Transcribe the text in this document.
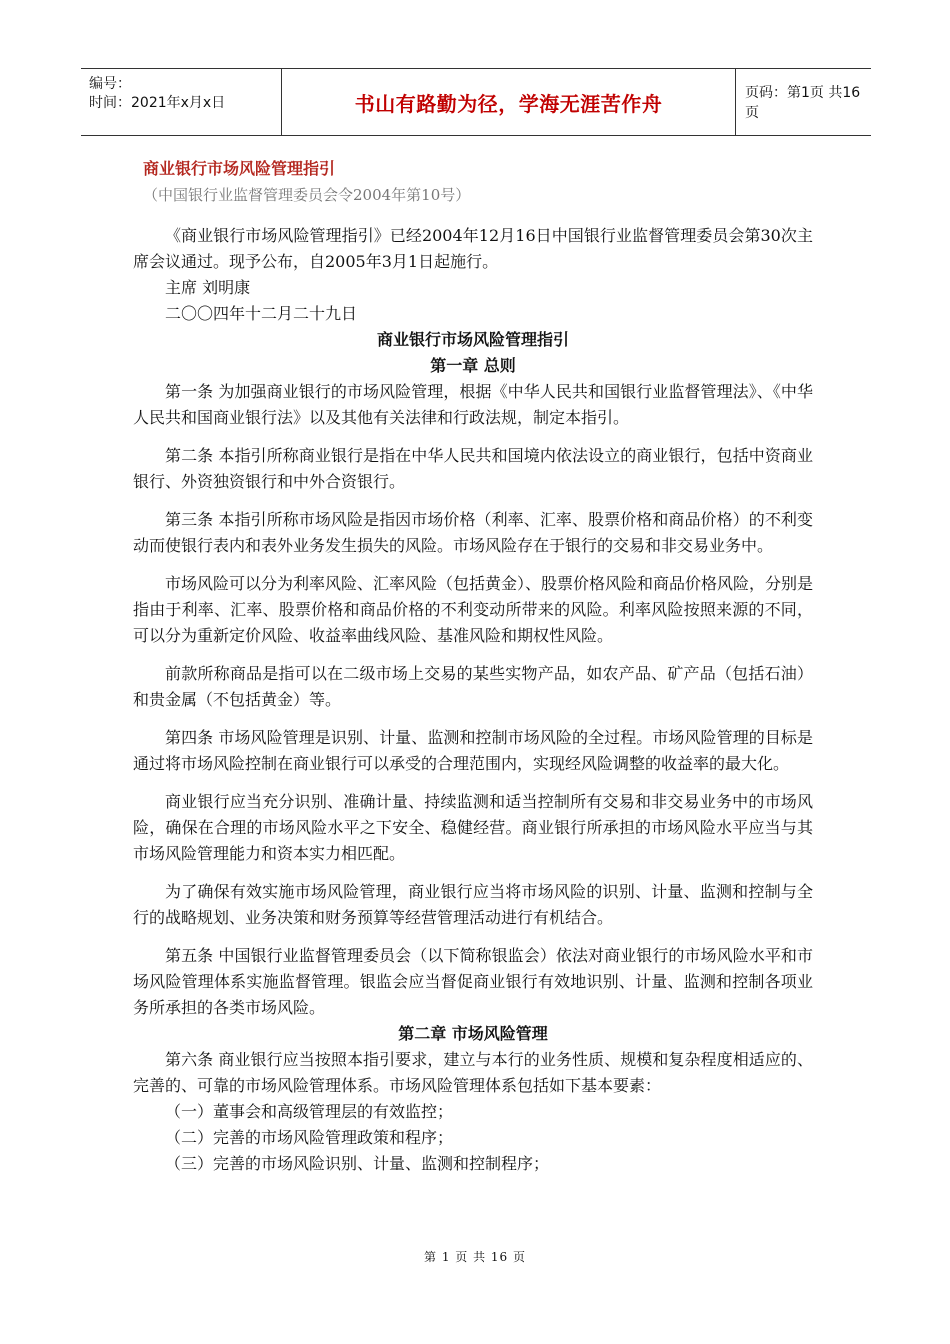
编号：
时间：2021年x月x日	书山有路勤为径，学海无涯苦作舟	页码：第1页 共16页
商业银行市场风险管理指引
（中国银行业监督管理委员会令2004年第10号）

《商业银行市场风险管理指引》已经2004年12月16日中国银行业监督管理委员会第30次主席会议通过。现予公布，自2005年3月1日起施行。

主席 刘明康

二〇〇四年十二月二十九日

商业银行市场风险管理指引
第一章 总则

第一条 为加强商业银行的市场风险管理，根据《中华人民共和国银行业监督管理法》、《中华人民共和国商业银行法》以及其他有关法律和行政法规，制定本指引。

第二条 本指引所称商业银行是指在中华人民共和国境内依法设立的商业银行，包括中资商业银行、外资独资银行和中外合资银行。

第三条 本指引所称市场风险是指因市场价格（利率、汇率、股票价格和商品价格）的不利变动而使银行表内和表外业务发生损失的风险。市场风险存在于银行的交易和非交易业务中。

市场风险可以分为利率风险、汇率风险（包括黄金）、股票价格风险和商品价格风险，分别是指由于利率、汇率、股票价格和商品价格的不利变动所带来的风险。利率风险按照来源的不同，可以分为重新定价风险、收益率曲线风险、基准风险和期权性风险。

前款所称商品是指可以在二级市场上交易的某些实物产品，如农产品、矿产品（包括石油）和贵金属（不包括黄金）等。

第四条 市场风险管理是识别、计量、监测和控制市场风险的全过程。市场风险管理的目标是通过将市场风险控制在商业银行可以承受的合理范围内，实现经风险调整的收益率的最大化。

商业银行应当充分识别、准确计量、持续监测和适当控制所有交易和非交易业务中的市场风险，确保在合理的市场风险水平之下安全、稳健经营。商业银行所承担的市场风险水平应当与其市场风险管理能力和资本实力相匹配。

为了确保有效实施市场风险管理，商业银行应当将市场风险的识别、计量、监测和控制与全行的战略规划、业务决策和财务预算等经营管理活动进行有机结合。

第五条 中国银行业监督管理委员会（以下简称银监会）依法对商业银行的市场风险水平和市场风险管理体系实施监督管理。银监会应当督促商业银行有效地识别、计量、监测和控制各项业务所承担的各类市场风险。

第二章 市场风险管理

第六条 商业银行应当按照本指引要求，建立与本行的业务性质、规模和复杂程度相适应的、完善的、可靠的市场风险管理体系。市场风险管理体系包括如下基本要素：

（一）董事会和高级管理层的有效监控；

（二）完善的市场风险管理政策和程序；

（三）完善的市场风险识别、计量、监测和控制程序；

第 1 页 共 16 页
